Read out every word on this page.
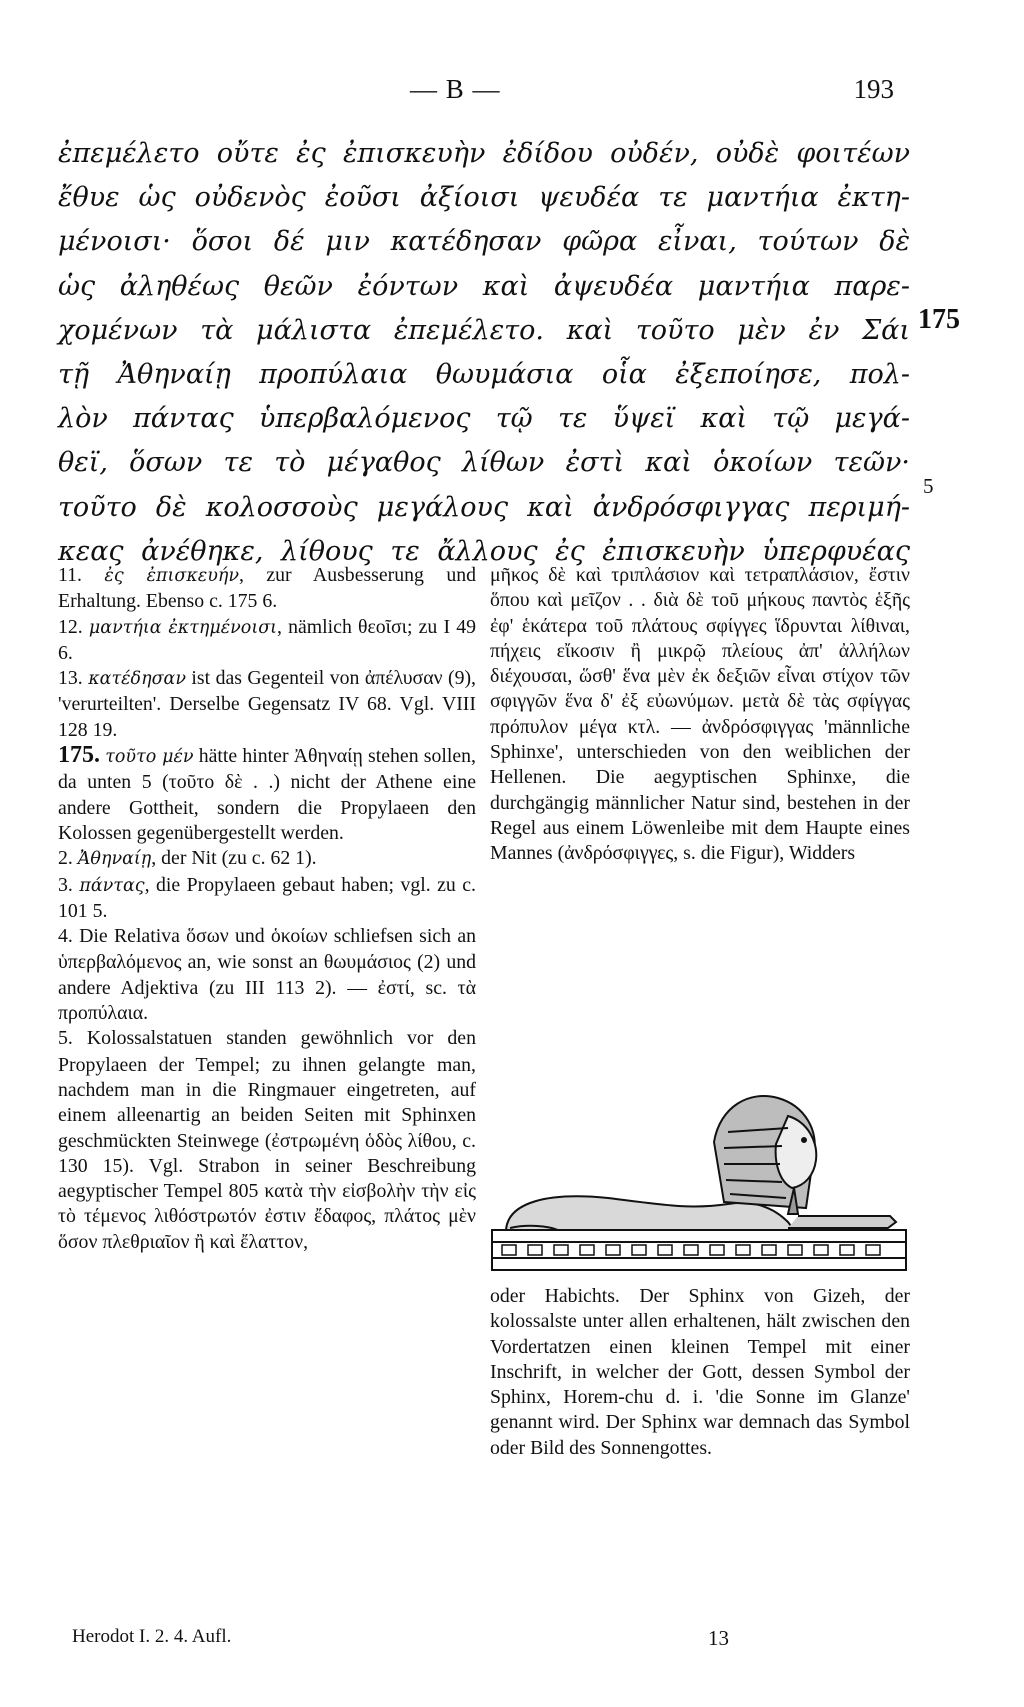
— B —	193
ἐπεμέλετο οὔτε ἐς ἐπισκευὴν ἐδίδου οὐδέν, οὐδὲ φοιτέων
ἔθυε ὡς οὐδενὸς ἐοῦσι ἀξίοισι ψευδέα τε μαντήια ἐκτη-
μένοισι· ὅσοι δέ μιν κατέδησαν φῶρα εἶναι, τούτων δὲ
ὡς ἀληθέως θεῶν ἐόντων καὶ ἀψευδέα μαντήια παρε-
χομένων τὰ μάλιστα ἐπεμέλετο. καὶ τοῦτο μὲν ἐν Σάι
τῇ Ἀθηναίῃ προπύλαια θωυμάσια οἷα ἐξεποίησε, πολ-
λὸν πάντας ὑπερβαλόμενος τῷ τε ὕψεϊ καὶ τῷ μεγά-
θεϊ, ὅσων τε τὸ μέγαθος λίθων ἐστὶ καὶ ὁκοίων τεῶν·
τοῦτο δὲ κολοσσοὺς μεγάλους καὶ ἀνδρόσφιγγας περιμή-
κεας ἀνέθηκε, λίθους τε ἄλλους ἐς ἐπισκευὴν ὑπερφυέας
175
5

11. ἐς ἐπισκευήν, zur Ausbesserung und Erhaltung. Ebenso c. 175 6.

12. μαντήια ἐκτημένοισι, nämlich θεοῖσι; zu I 49 6.

13. κατέδησαν ist das Gegenteil von ἀπέλυσαν (9), 'verurteilten'. Derselbe Gegensatz IV 68. Vgl. VIII 128 19.

175. τοῦτο μέν hätte hinter Ἀθηναίῃ stehen sollen, da unten 5 (τοῦτο δὲ . .) nicht der Athene eine andere Gottheit, sondern die Propylaeen den Kolossen gegenübergestellt werden.

2. Ἀθηναίῃ, der Nit (zu c. 62 1).

3. πάντας, die Propylaeen gebaut haben; vgl. zu c. 101 5.

4. Die Relativa ὅσων und ὁκοίων schliefsen sich an ὑπερβαλόμενος an, wie sonst an θωυμάσιος (2) und andere Adjektiva (zu III 113 2). — ἐστί, sc. τὰ προπύλαια.

5. Kolossalstatuen standen gewöhnlich vor den Propylaeen der Tempel; zu ihnen gelangte man, nachdem man in die Ringmauer eingetreten, auf einem alleenartig an beiden Seiten mit Sphinxen geschmückten Steinwege (ἐστρωμένη ὁδὸς λίθου, c. 130 15). Vgl. Strabon in seiner Beschreibung aegyptischer Tempel 805 κατὰ τὴν εἰσβολὴν τὴν εἰς τὸ τέμενος λιθόστρωτόν ἐστιν ἔδαφος, πλάτος μὲν ὅσον πλεθριαῖον ἢ καὶ ἔλαττον,

μῆκος δὲ καὶ τριπλάσιον καὶ τετραπλάσιον, ἔστιν ὅπου καὶ μεῖζον . . διὰ δὲ τοῦ μήκους παντὸς ἑξῆς ἐφ' ἑκάτερα τοῦ πλάτους σφίγγες ἵδρυνται λίθιναι, πήχεις εἴκοσιν ἢ μικρῷ πλείους ἀπ' ἀλλήλων διέχουσαι, ὥσθ' ἕνα μὲν ἐκ δεξιῶν εἶναι στίχον τῶν σφιγγῶν ἕνα δ' ἐξ εὐωνύμων. μετὰ δὲ τὰς σφίγγας πρόπυλον μέγα κτλ. — ἀνδρόσφιγγας 'männliche Sphinxe', unterschieden von den weiblichen der Hellenen. Die aegyptischen Sphinxe, die durchgängig männlicher Natur sind, bestehen in der Regel aus einem Löwenleibe mit dem Haupte eines Mannes (ἀνδρόσφιγγες, s. die Figur), Widders

oder Habichts. Der Sphinx von Gizeh, der kolossalste unter allen erhaltenen, hält zwischen den Vordertatzen einen kleinen Tempel mit einer Inschrift, in welcher der Gott, dessen Symbol der Sphinx, Horem-chu d. i. 'die Sonne im Glanze' genannt wird. Der Sphinx war demnach das Symbol oder Bild des Sonnengottes.

Herodot I. 2. 4. Aufl.	13
